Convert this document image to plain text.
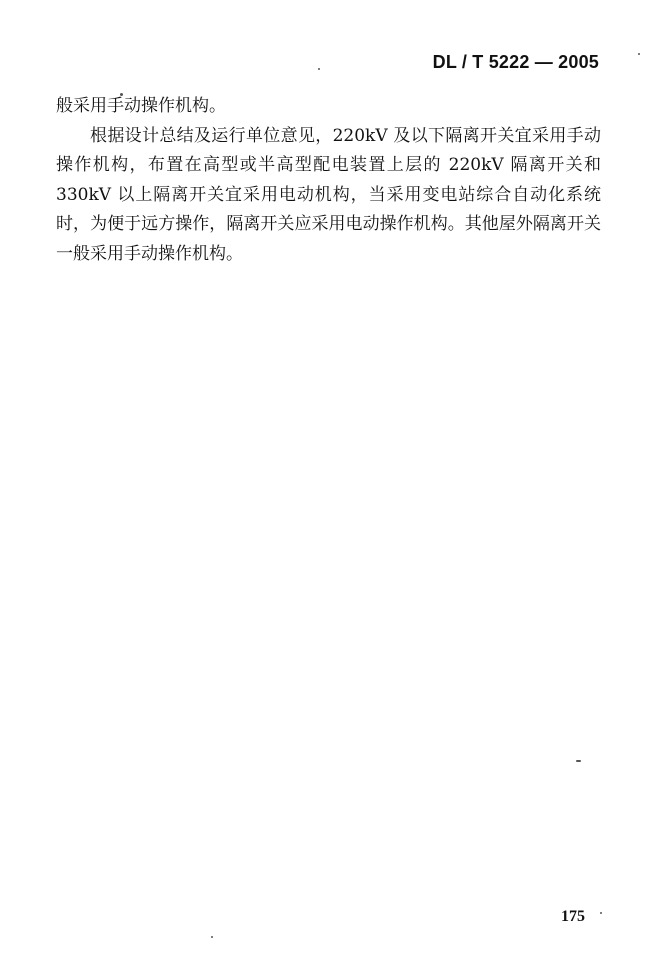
DL / T 5222 — 2005

般采用手动操作机构。

根据设计总结及运行单位意见，220kV 及以下隔离开关宜采用手动操作机构，布置在高型或半高型配电装置上层的 220kV 隔离开关和 330kV 以上隔离开关宜采用电动机构，当采用变电站综合自动化系统时，为便于远方操作，隔离开关应采用电动操作机构。其他屋外隔离开关一般采用手动操作机构。

175
